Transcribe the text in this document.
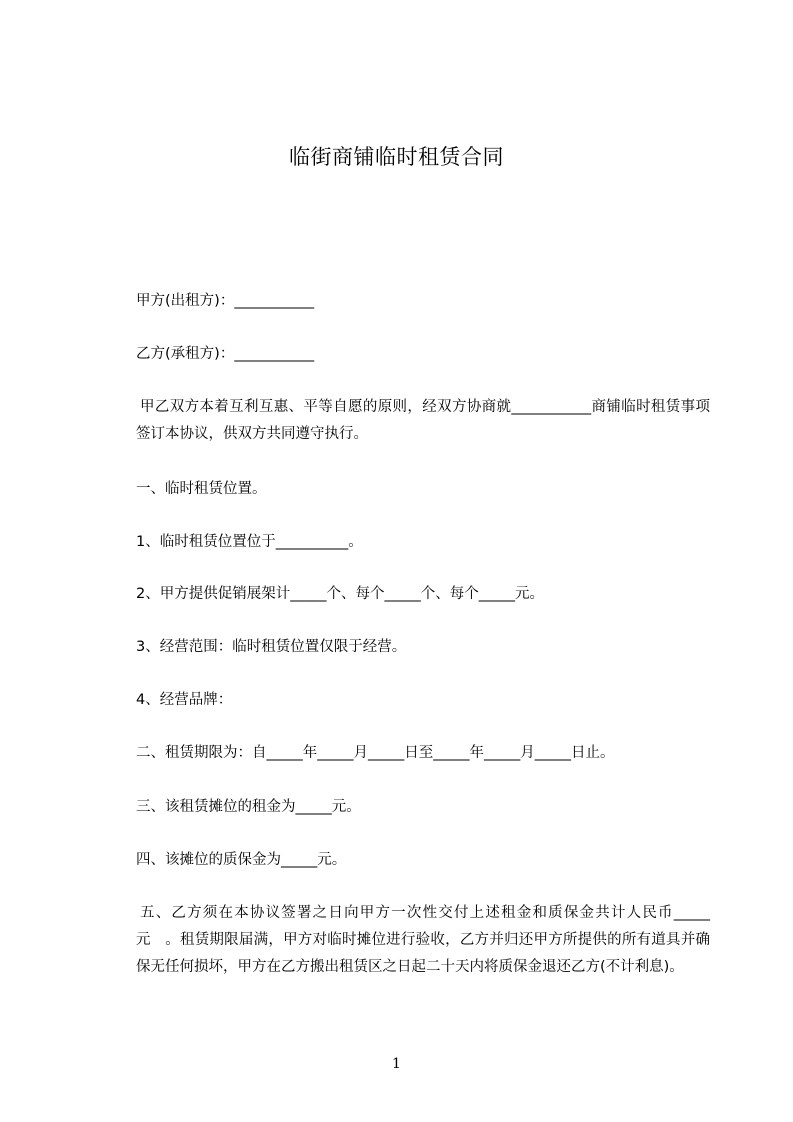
临街商铺临时租赁合同

甲方(出租方)：___________

乙方(承租方)：___________

甲乙双方本着互利互惠、平等自愿的原则，经双方协商就___________商铺临时租赁事项签订本协议，供双方共同遵守执行。

一、临时租赁位置。

1、临时租赁位置位于__________。

2、甲方提供促销展架计_____个、每个_____个、每个_____元。

3、经营范围：临时租赁位置仅限于经营。

4、经营品牌：

二、租赁期限为：自_____年_____月_____日至_____年_____月_____日止。

三、该租赁摊位的租金为_____元。

四、该摊位的质保金为_____元。

五、乙方须在本协议签署之日向甲方一次性交付上述租金和质保金共计人民币_____元   。租赁期限届满，甲方对临时摊位进行验收，乙方并归还甲方所提供的所有道具并确保无任何损坏，甲方在乙方搬出租赁区之日起二十天内将质保金退还乙方(不计利息)。

1
